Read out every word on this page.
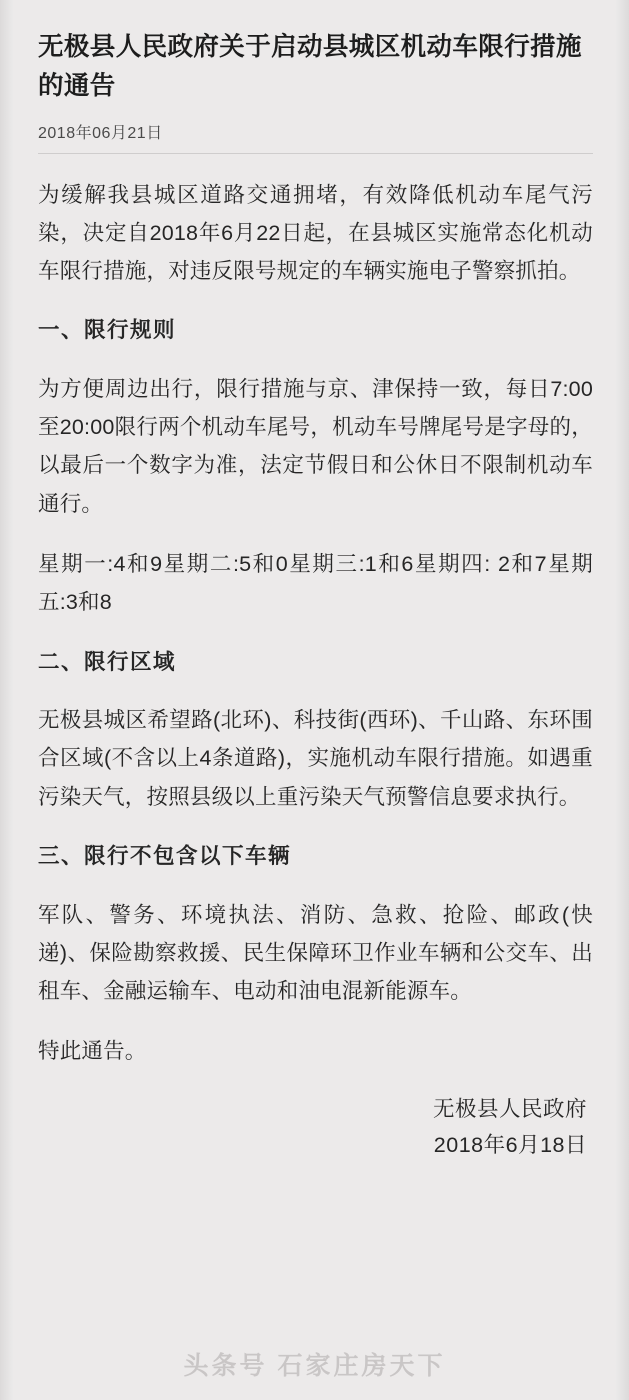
无极县人民政府关于启动县城区机动车限行措施的通告
2018年06月21日

为缓解我县城区道路交通拥堵，有效降低机动车尾气污染，决定自2018年6月22日起，在县城区实施常态化机动车限行措施，对违反限号规定的车辆实施电子警察抓拍。

一、限行规则

为方便周边出行，限行措施与京、津保持一致，每日7:00至20:00限行两个机动车尾号，机动车号牌尾号是字母的，以最后一个数字为准，法定节假日和公休日不限制机动车通行。

星期一:4和9星期二:5和0星期三:1和6星期四: 2和7星期五:3和8

二、限行区域

无极县城区希望路(北环)、科技街(西环)、千山路、东环围合区域(不含以上4条道路)，实施机动车限行措施。如遇重污染天气，按照县级以上重污染天气预警信息要求执行。

三、限行不包含以下车辆

军队、警务、环境执法、消防、急救、抢险、邮政(快递)、保险勘察救援、民生保障环卫作业车辆和公交车、出租车、金融运输车、电动和油电混新能源车。

特此通告。

无极县人民政府
2018年6月18日
头条号 石家庄房天下
